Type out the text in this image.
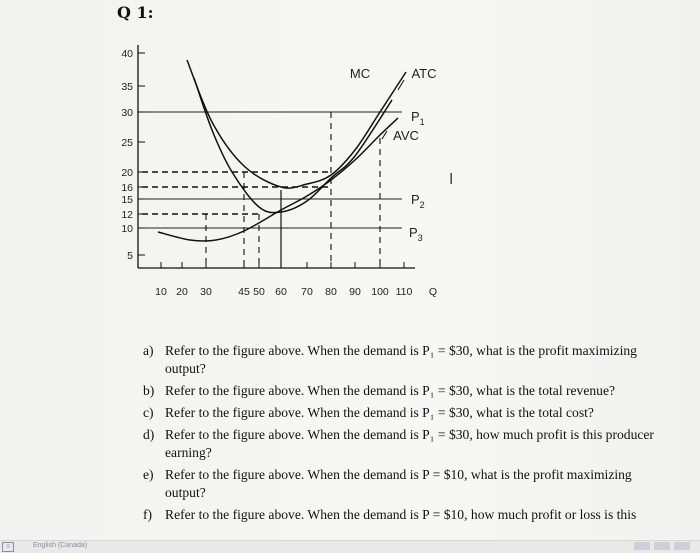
Q 1:
40
35
30
25
20
16
15
12
10
5
10 20 30	45 50 60 70 80 90 100 110 Q
MC	ATC
AVC
$P_1$
$P_2$
$P_3$
I
a) Refer to the figure above. When the demand is P₁ = $30, what is the profit maximizing output?
b) Refer to the figure above. When the demand is P₁ = $30, what is the total revenue?
c) Refer to the figure above. When the demand is P₁ = $30, what is the total cost?
d) Refer to the figure above. When the demand is P₁ = $30, how much profit is this producer earning?
e) Refer to the figure above. When the demand is P = $10, what is the profit maximizing output?
f) Refer to the figure above. When the demand is P = $10, how much profit or loss is this
≡	English (Canada)
